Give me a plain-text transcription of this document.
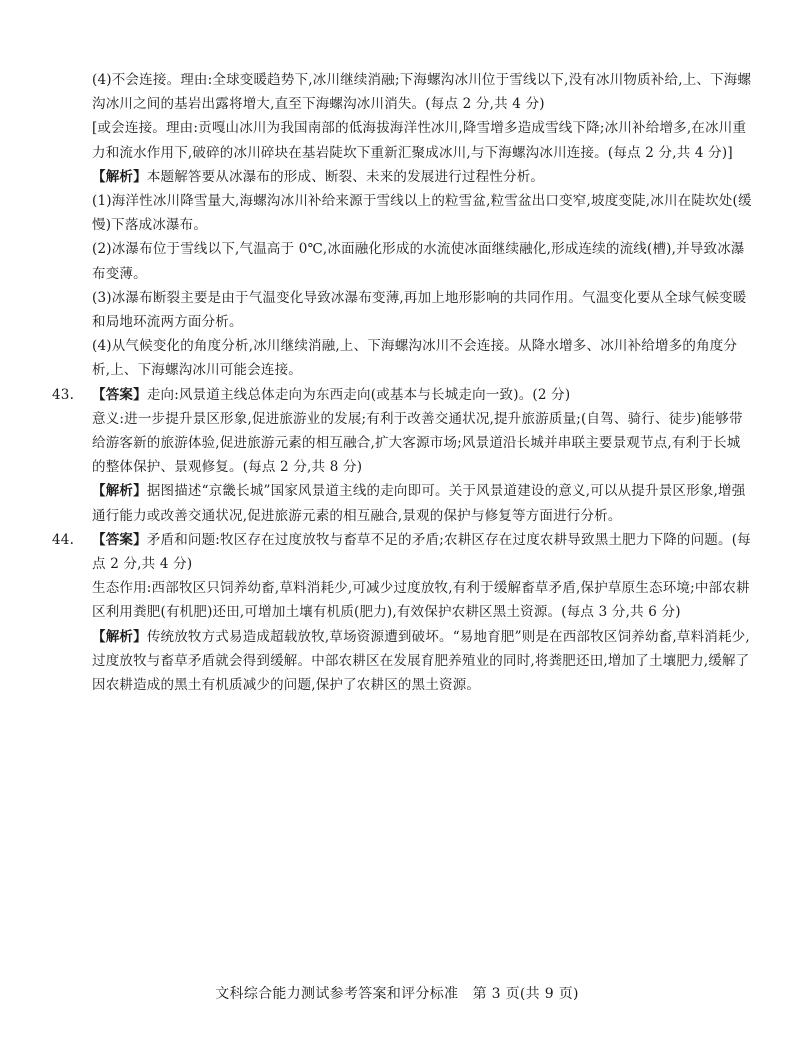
(4)不会连接。理由:全球变暖趋势下,冰川继续消融;下海螺沟冰川位于雪线以下,没有冰川物质补给,上、下海螺沟冰川之间的基岩出露将增大,直至下海螺沟冰川消失。(每点 2 分,共 4 分)

[或会连接。理由:贡嘎山冰川为我国南部的低海拔海洋性冰川,降雪增多造成雪线下降;冰川补给增多,在冰川重力和流水作用下,破碎的冰川碎块在基岩陡坎下重新汇聚成冰川,与下海螺沟冰川连接。(每点 2 分,共 4 分)]

【解析】本题解答要从冰瀑布的形成、断裂、未来的发展进行过程性分析。

(1)海洋性冰川降雪量大,海螺沟冰川补给来源于雪线以上的粒雪盆,粒雪盆出口变窄,坡度变陡,冰川在陡坎处(缓慢)下落成冰瀑布。

(2)冰瀑布位于雪线以下,气温高于 0℃,冰面融化形成的水流使冰面继续融化,形成连续的流线(槽),并导致冰瀑布变薄。

(3)冰瀑布断裂主要是由于气温变化导致冰瀑布变薄,再加上地形影响的共同作用。气温变化要从全球气候变暖和局地环流两方面分析。

(4)从气候变化的角度分析,冰川继续消融,上、下海螺沟冰川不会连接。从降水增多、冰川补给增多的角度分析,上、下海螺沟冰川可能会连接。

43. 【答案】走向:风景道主线总体走向为东西走向(或基本与长城走向一致)。(2 分)

意义:进一步提升景区形象,促进旅游业的发展;有利于改善交通状况,提升旅游质量;(自驾、骑行、徒步)能够带给游客新的旅游体验,促进旅游元素的相互融合,扩大客源市场;风景道沿长城并串联主要景观节点,有利于长城的整体保护、景观修复。(每点 2 分,共 8 分)

【解析】据图描述“京畿长城”国家风景道主线的走向即可。关于风景道建设的意义,可以从提升景区形象,增强通行能力或改善交通状况,促进旅游元素的相互融合,景观的保护与修复等方面进行分析。

44. 【答案】矛盾和问题:牧区存在过度放牧与畜草不足的矛盾;农耕区存在过度农耕导致黑土肥力下降的问题。(每点 2 分,共 4 分)

生态作用:西部牧区只饲养幼畜,草料消耗少,可减少过度放牧,有利于缓解畜草矛盾,保护草原生态环境;中部农耕区利用粪肥(有机肥)还田,可增加土壤有机质(肥力),有效保护农耕区黑土资源。(每点 3 分,共 6 分)

【解析】传统放牧方式易造成超载放牧,草场资源遭到破坏。“易地育肥”则是在西部牧区饲养幼畜,草料消耗少,过度放牧与畜草矛盾就会得到缓解。中部农耕区在发展育肥养殖业的同时,将粪肥还田,增加了土壤肥力,缓解了因农耕造成的黑土有机质减少的问题,保护了农耕区的黑土资源。

文科综合能力测试参考答案和评分标准　第 3 页(共 9 页)
